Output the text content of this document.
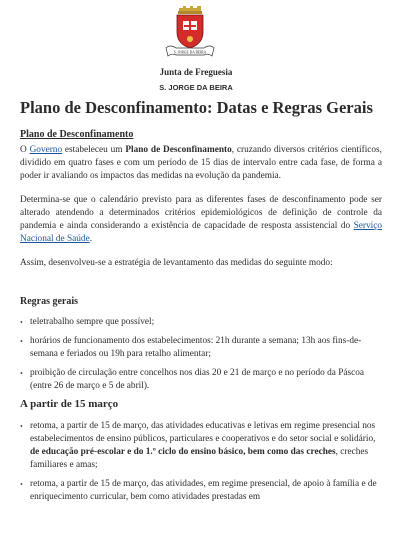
S. JORGE DA BEIRA
Junta de Freguesia
S. JORGE DA BEIRA
Plano de Desconfinamento: Datas e Regras Gerais
Plano de Desconfinamento

O Governo estabeleceu um Plano de Desconfinamento, cruzando diversos critérios científicos, dividido em quatro fases e com um período de 15 dias de intervalo entre cada fase, de forma a poder ir avaliando os impactos das medidas na evolução da pandemia.

Determina-se que o calendário previsto para as diferentes fases de desconfinamento pode ser alterado atendendo a determinados critérios epidemiológicos de definição de controle da pandemia e ainda considerando a existência de capacidade de resposta assistencial do Serviço Nacional de Saúde.

Assim, desenvolveu-se a estratégia de levantamento das medidas do seguinte modo:

Regras gerais
• teletrabalho sempre que possível;
• horários de funcionamento dos estabelecimentos: 21h durante a semana; 13h aos fins-de-semana e feriados ou 19h para retalho alimentar;
• proibição de circulação entre concelhos nos dias 20 e 21 de março e no período da Páscoa (entre 26 de março e 5 de abril).
A partir de 15 março
• retoma, a partir de 15 de março, das atividades educativas e letivas em regime presencial nos estabelecimentos de ensino públicos, particulares e cooperativos e do setor social e solidário, de educação pré-escolar e do 1.º ciclo do ensino básico, bem como das creches, creches familiares e amas;
• retoma, a partir de 15 de março, das atividades, em regime presencial, de apoio à família e de enriquecimento curricular, bem como atividades prestadas em
